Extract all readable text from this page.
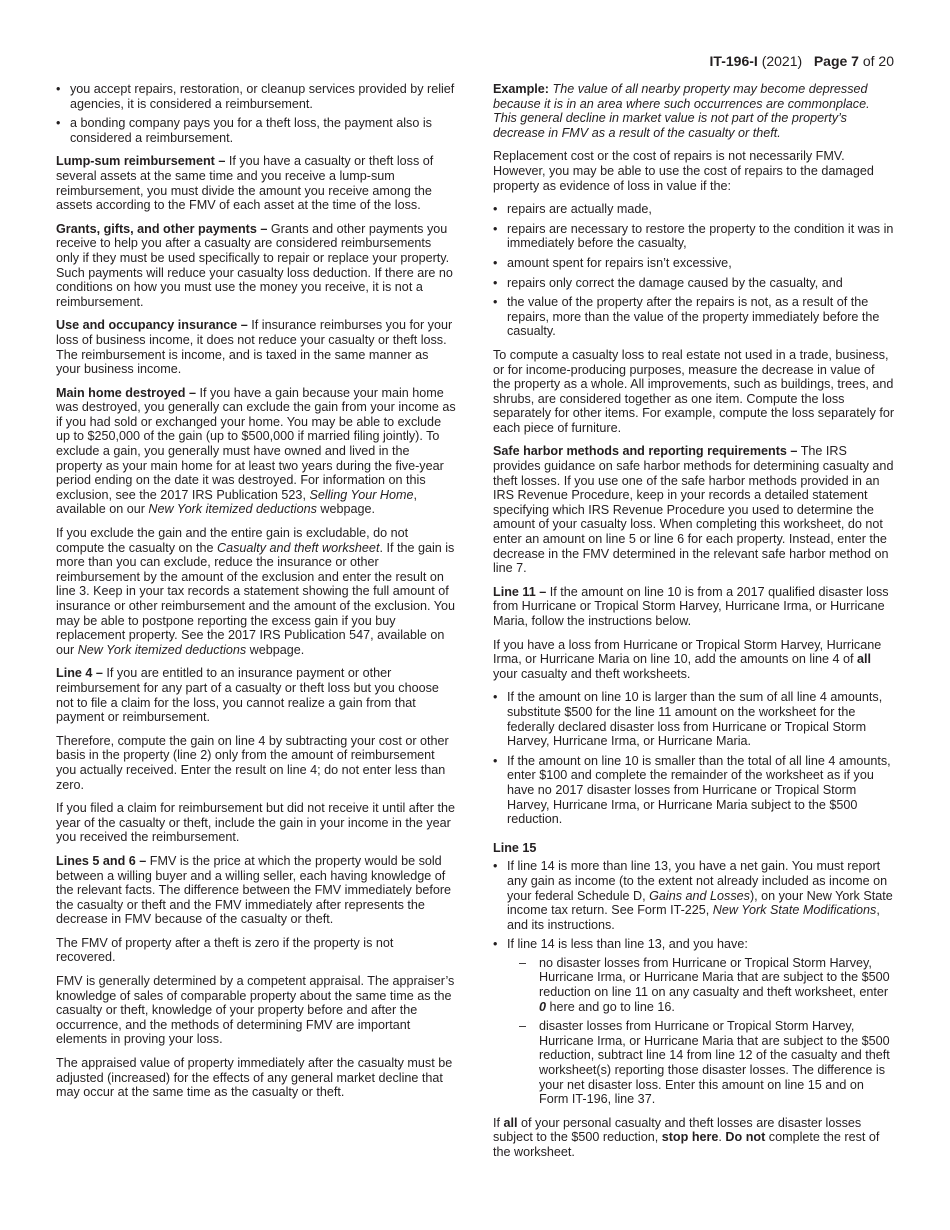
IT-196-I (2021) Page 7 of 20
• you accept repairs, restoration, or cleanup services provided by relief agencies, it is considered a reimbursement.
• a bonding company pays you for a theft loss, the payment also is considered a reimbursement.

Lump-sum reimbursement – If you have a casualty or theft loss of several assets at the same time and you receive a lump-sum reimbursement, you must divide the amount you receive among the assets according to the FMV of each asset at the time of the loss.

Grants, gifts, and other payments – Grants and other payments you receive to help you after a casualty are considered reimbursements only if they must be used specifically to repair or replace your property. Such payments will reduce your casualty loss deduction. If there are no conditions on how you must use the money you receive, it is not a reimbursement.

Use and occupancy insurance – If insurance reimburses you for your loss of business income, it does not reduce your casualty or theft loss. The reimbursement is income, and is taxed in the same manner as your business income.

Main home destroyed – If you have a gain because your main home was destroyed, you generally can exclude the gain from your income as if you had sold or exchanged your home. You may be able to exclude up to $250,000 of the gain (up to $500,000 if married filing jointly). To exclude a gain, you generally must have owned and lived in the property as your main home for at least two years during the five-year period ending on the date it was destroyed. For information on this exclusion, see the 2017 IRS Publication 523, Selling Your Home, available on our New York itemized deductions webpage.

If you exclude the gain and the entire gain is excludable, do not compute the casualty on the Casualty and theft worksheet. If the gain is more than you can exclude, reduce the insurance or other reimbursement by the amount of the exclusion and enter the result on line 3. Keep in your tax records a statement showing the full amount of insurance or other reimbursement and the amount of the exclusion. You may be able to postpone reporting the excess gain if you buy replacement property. See the 2017 IRS Publication 547, available on our New York itemized deductions webpage.

Line 4 – If you are entitled to an insurance payment or other reimbursement for any part of a casualty or theft loss but you choose not to file a claim for the loss, you cannot realize a gain from that payment or reimbursement.

Therefore, compute the gain on line 4 by subtracting your cost or other basis in the property (line 2) only from the amount of reimbursement you actually received. Enter the result on line 4; do not enter less than zero.

If you filed a claim for reimbursement but did not receive it until after the year of the casualty or theft, include the gain in your income in the year you received the reimbursement.

Lines 5 and 6 – FMV is the price at which the property would be sold between a willing buyer and a willing seller, each having knowledge of the relevant facts. The difference between the FMV immediately before the casualty or theft and the FMV immediately after represents the decrease in FMV because of the casualty or theft.

The FMV of property after a theft is zero if the property is not recovered.

FMV is generally determined by a competent appraisal. The appraiser’s knowledge of sales of comparable property about the same time as the casualty or theft, knowledge of your property before and after the occurrence, and the methods of determining FMV are important elements in proving your loss.

The appraised value of property immediately after the casualty must be adjusted (increased) for the effects of any general market decline that may occur at the same time as the casualty or theft.

Example: The value of all nearby property may become depressed because it is in an area where such occurrences are commonplace. This general decline in market value is not part of the property’s decrease in FMV as a result of the casualty or theft.

Replacement cost or the cost of repairs is not necessarily FMV. However, you may be able to use the cost of repairs to the damaged property as evidence of loss in value if the:

• repairs are actually made,
• repairs are necessary to restore the property to the condition it was in immediately before the casualty,
• amount spent for repairs isn’t excessive,
• repairs only correct the damage caused by the casualty, and
• the value of the property after the repairs is not, as a result of the repairs, more than the value of the property immediately before the casualty.

To compute a casualty loss to real estate not used in a trade, business, or for income-producing purposes, measure the decrease in value of the property as a whole. All improvements, such as buildings, trees, and shrubs, are considered together as one item. Compute the loss separately for other items. For example, compute the loss separately for each piece of furniture.

Safe harbor methods and reporting requirements – The IRS provides guidance on safe harbor methods for determining casualty and theft losses. If you use one of the safe harbor methods provided in an IRS Revenue Procedure, keep in your records a detailed statement specifying which IRS Revenue Procedure you used to determine the amount of your casualty loss. When completing this worksheet, do not enter an amount on line 5 or line 6 for each property. Instead, enter the decrease in the FMV determined in the relevant safe harbor method on line 7.

Line 11 – If the amount on line 10 is from a 2017 qualified disaster loss from Hurricane or Tropical Storm Harvey, Hurricane Irma, or Hurricane Maria, follow the instructions below.

If you have a loss from Hurricane or Tropical Storm Harvey, Hurricane Irma, or Hurricane Maria on line 10, add the amounts on line 4 of all your casualty and theft worksheets.

• If the amount on line 10 is larger than the sum of all line 4 amounts, substitute $500 for the line 11 amount on the worksheet for the federally declared disaster loss from Hurricane or Tropical Storm Harvey, Hurricane Irma, or Hurricane Maria.
• If the amount on line 10 is smaller than the total of all line 4 amounts, enter $100 and complete the remainder of the worksheet as if you have no 2017 disaster losses from Hurricane or Tropical Storm Harvey, Hurricane Irma, or Hurricane Maria subject to the $500 reduction.
Line 15
• If line 14 is more than line 13, you have a net gain. You must report any gain as income (to the extent not already included as income on your federal Schedule D, Gains and Losses), on your New York State income tax return. See Form IT-225, New York State Modifications, and its instructions.
• If line 14 is less than line 13, and you have:
– no disaster losses from Hurricane or Tropical Storm Harvey, Hurricane Irma, or Hurricane Maria that are subject to the $500 reduction on line 11 on any casualty and theft worksheet, enter 0 here and go to line 16.
– disaster losses from Hurricane or Tropical Storm Harvey, Hurricane Irma, or Hurricane Maria that are subject to the $500 reduction, subtract line 14 from line 12 of the casualty and theft worksheet(s) reporting those disaster losses. The difference is your net disaster loss. Enter this amount on line 15 and on Form IT-196, line 37.

If all of your personal casualty and theft losses are disaster losses subject to the $500 reduction, stop here. Do not complete the rest of the worksheet.
